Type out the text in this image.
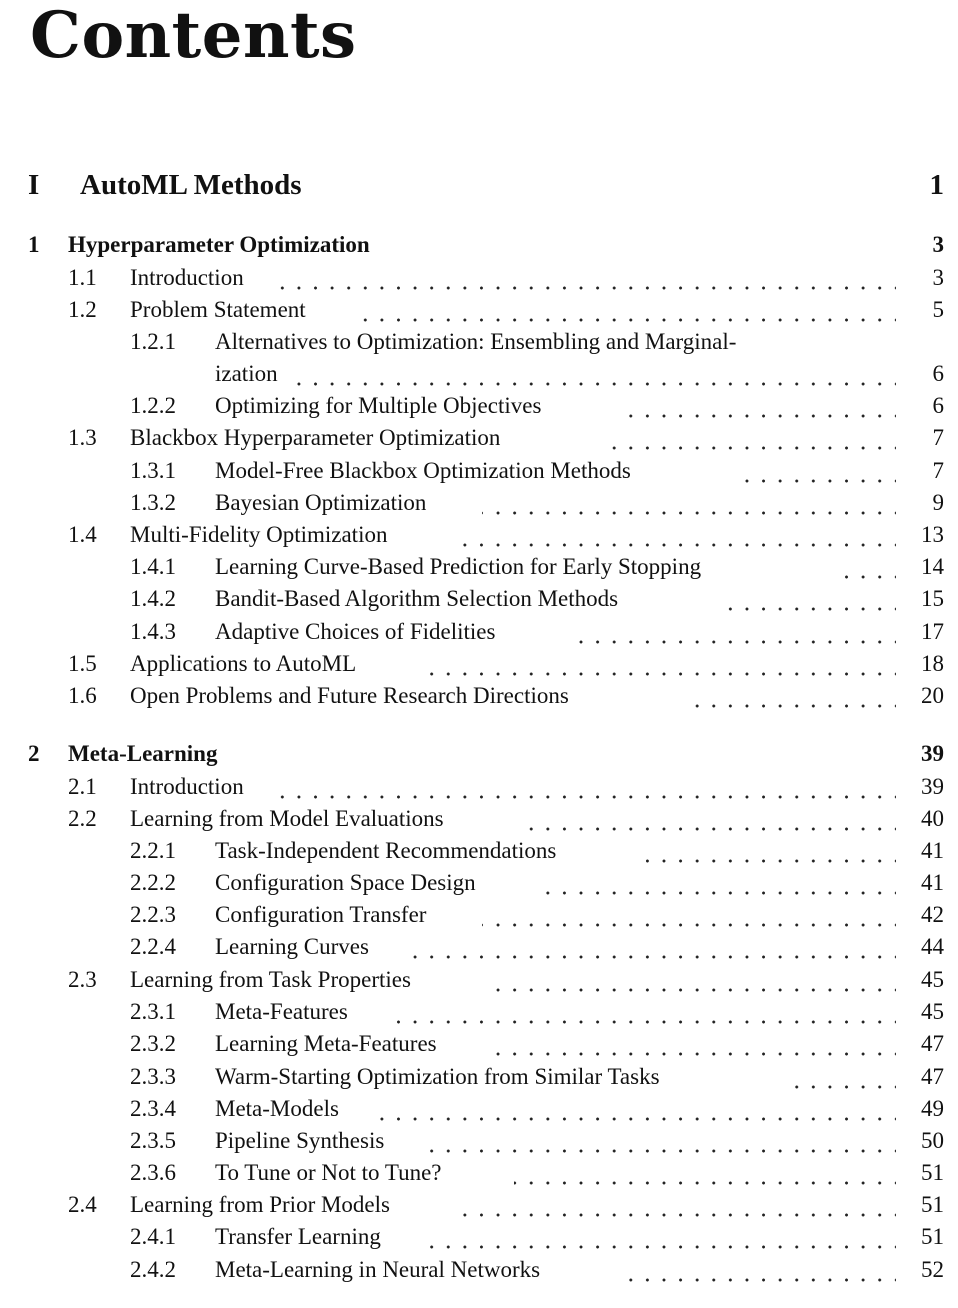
Contents
I AutoML Methods	1
1 Hyperparameter Optimization	3
1.1 Introduction	3
1.2 Problem Statement	5
1.2.1 Alternatives to Optimization: Ensembling and Marginal-
ization	6
1.2.2 Optimizing for Multiple Objectives	6
1.3 Blackbox Hyperparameter Optimization	7
1.3.1 Model-Free Blackbox Optimization Methods	7
1.3.2 Bayesian Optimization	9
1.4 Multi-Fidelity Optimization	13
1.4.1 Learning Curve-Based Prediction for Early Stopping	14
1.4.2 Bandit-Based Algorithm Selection Methods	15
1.4.3 Adaptive Choices of Fidelities	17
1.5 Applications to AutoML	18
1.6 Open Problems and Future Research Directions	20
2 Meta-Learning	39
2.1 Introduction	39
2.2 Learning from Model Evaluations	40
2.2.1 Task-Independent Recommendations	41
2.2.2 Configuration Space Design	41
2.2.3 Configuration Transfer	42
2.2.4 Learning Curves	44
2.3 Learning from Task Properties	45
2.3.1 Meta-Features	45
2.3.2 Learning Meta-Features	47
2.3.3 Warm-Starting Optimization from Similar Tasks	47
2.3.4 Meta-Models	49
2.3.5 Pipeline Synthesis	50
2.3.6 To Tune or Not to Tune?	51
2.4 Learning from Prior Models	51
2.4.1 Transfer Learning	51
2.4.2 Meta-Learning in Neural Networks	52
